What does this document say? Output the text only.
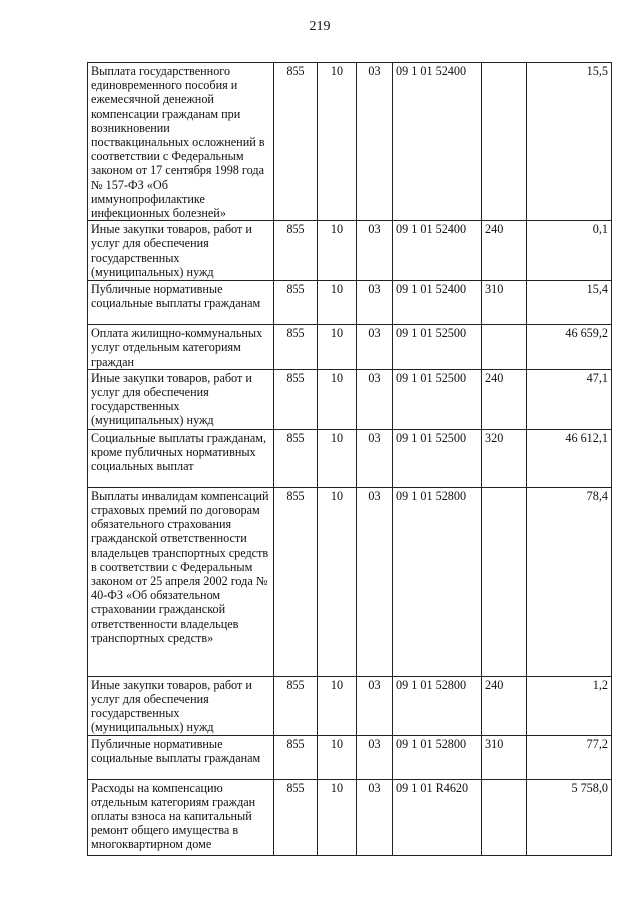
219
Выплата государственного единовременного пособия и ежемесячной денежной компенсации гражданам при возникновении поствакцинальных осложнений в соответствии с Федеральным законом от 17 сентября 1998 года № 157-ФЗ «Об иммунопрофилактике инфекционных болезней»	855	10	03	09 1 01 52400		15,5
Иные закупки товаров, работ и услуг для обеспечения государственных (муниципальных) нужд	855	10	03	09 1 01 52400	240	0,1
Публичные нормативные социальные выплаты гражданам	855	10	03	09 1 01 52400	310	15,4
Оплата жилищно-коммунальных услуг отдельным категориям граждан	855	10	03	09 1 01 52500		46 659,2
Иные закупки товаров, работ и услуг для обеспечения государственных (муниципальных) нужд	855	10	03	09 1 01 52500	240	47,1
Социальные выплаты гражданам, кроме публичных нормативных социальных выплат	855	10	03	09 1 01 52500	320	46 612,1
Выплаты инвалидам компенсаций страховых премий по договорам обязательного страхования гражданской ответственности владельцев транспортных средств в соответствии с Федеральным законом от 25 апреля 2002 года № 40-ФЗ «Об обязательном страховании гражданской ответственности владельцев транспортных средств»	855	10	03	09 1 01 52800		78,4
Иные закупки товаров, работ и услуг для обеспечения государственных (муниципальных) нужд	855	10	03	09 1 01 52800	240	1,2
Публичные нормативные социальные выплаты гражданам	855	10	03	09 1 01 52800	310	77,2
Расходы на компенсацию отдельным категориям граждан оплаты взноса на капитальный ремонт общего имущества в многоквартирном доме	855	10	03	09 1 01 R4620		5 758,0
